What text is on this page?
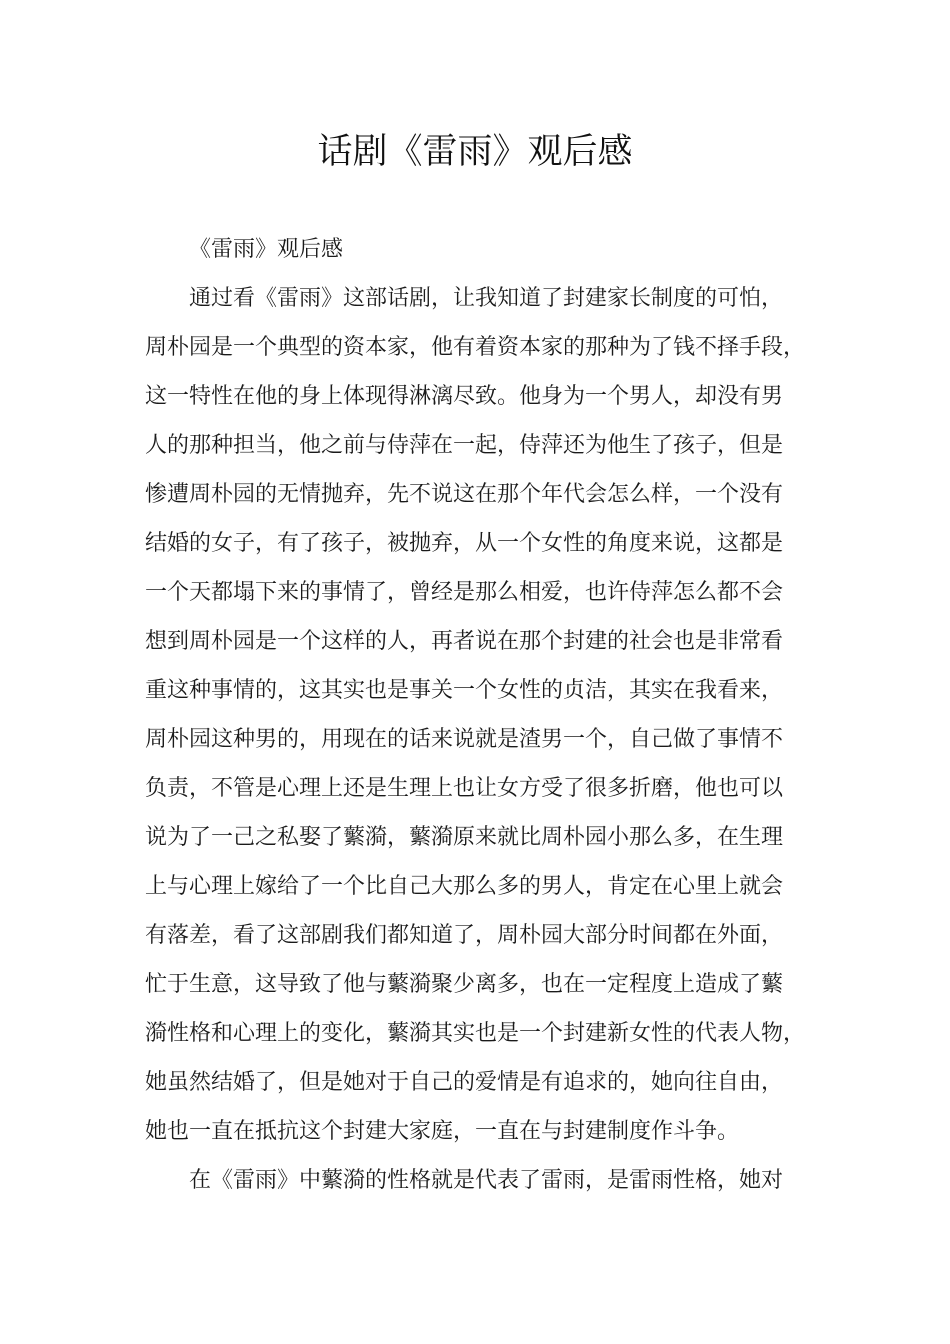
话剧《雷雨》观后感
《雷雨》观后感
通过看《雷雨》这部话剧，让我知道了封建家长制度的可怕，
周朴园是一个典型的资本家，他有着资本家的那种为了钱不择手段，
这一特性在他的身上体现得淋漓尽致。他身为一个男人，却没有男
人的那种担当，他之前与侍萍在一起，侍萍还为他生了孩子，但是
惨遭周朴园的无情抛弃，先不说这在那个年代会怎么样，一个没有
结婚的女子，有了孩子，被抛弃，从一个女性的角度来说，这都是
一个天都塌下来的事情了，曾经是那么相爱，也许侍萍怎么都不会
想到周朴园是一个这样的人，再者说在那个封建的社会也是非常看
重这种事情的，这其实也是事关一个女性的贞洁，其实在我看来，
周朴园这种男的，用现在的话来说就是渣男一个，自己做了事情不
负责，不管是心理上还是生理上也让女方受了很多折磨，他也可以
说为了一己之私娶了蘩漪，蘩漪原来就比周朴园小那么多，在生理
上与心理上嫁给了一个比自己大那么多的男人，肯定在心里上就会
有落差，看了这部剧我们都知道了，周朴园大部分时间都在外面，
忙于生意，这导致了他与蘩漪聚少离多，也在一定程度上造成了蘩
漪性格和心理上的变化，蘩漪其实也是一个封建新女性的代表人物，
她虽然结婚了，但是她对于自己的爱情是有追求的，她向往自由，
她也一直在抵抗这个封建大家庭，一直在与封建制度作斗争。
在《雷雨》中蘩漪的性格就是代表了雷雨，是雷雨性格，她对
